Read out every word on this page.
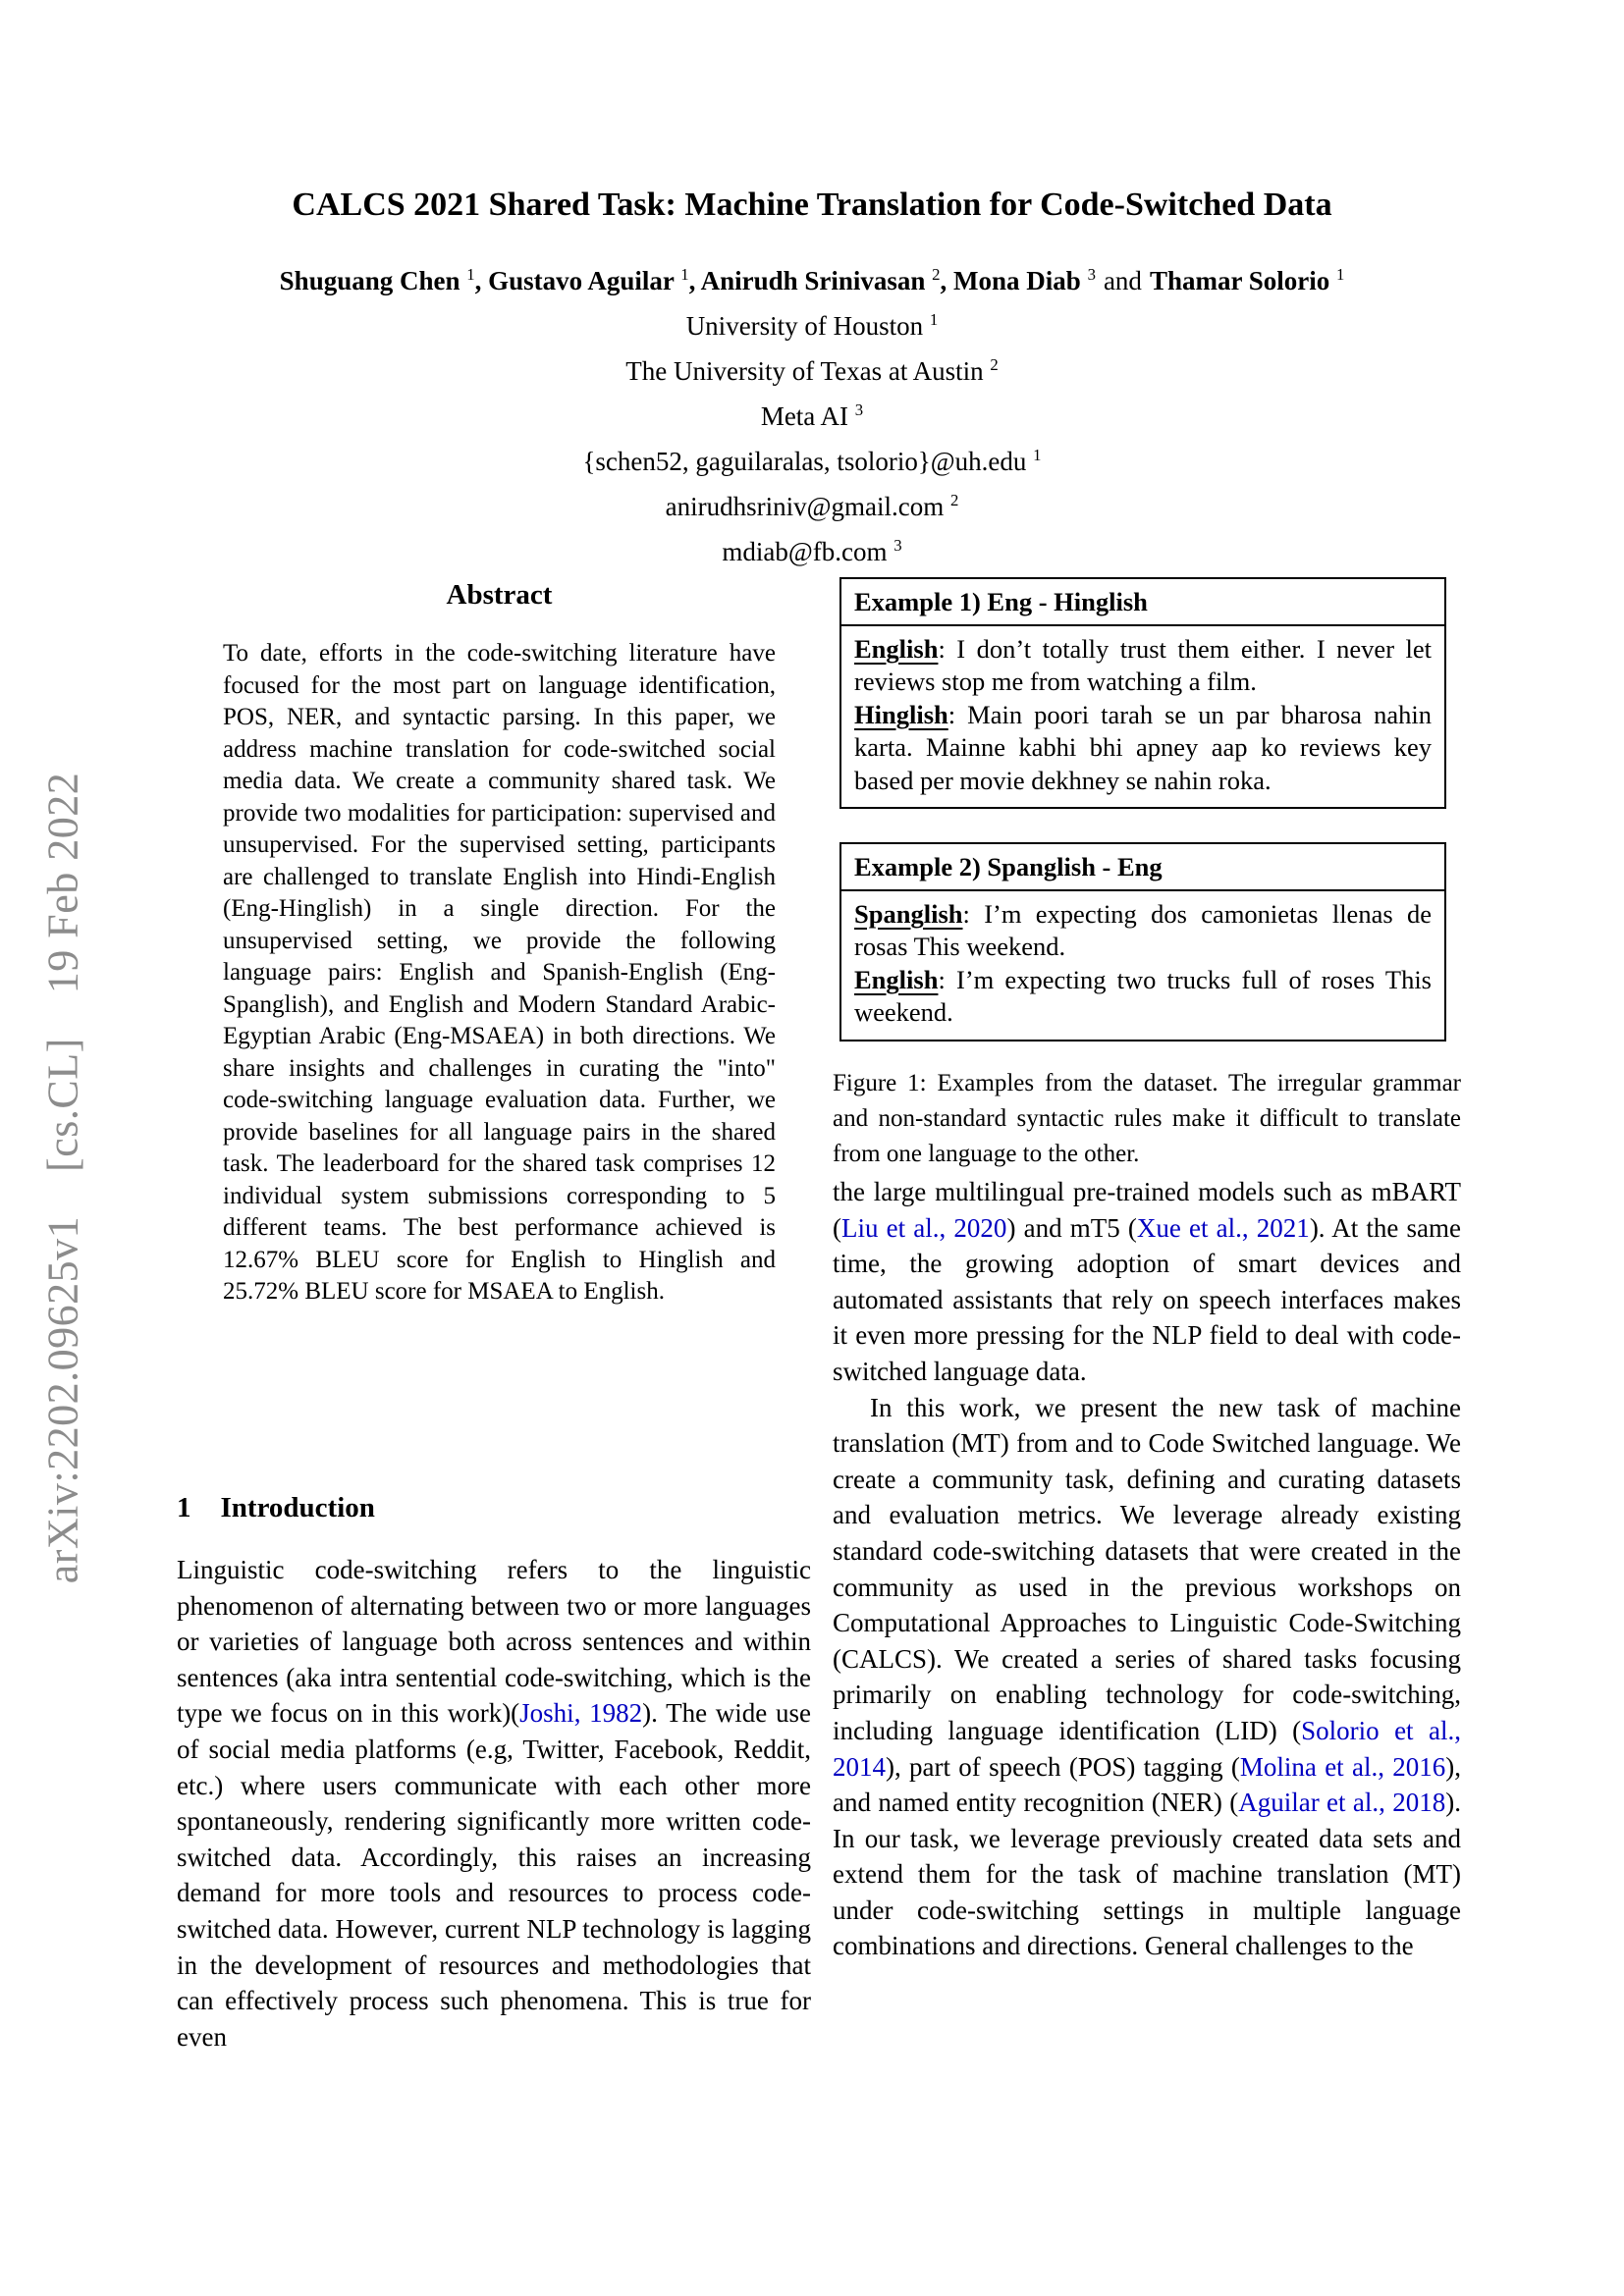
arXiv:2202.09625v1  [cs.CL]  19 Feb 2022
CALCS 2021 Shared Task: Machine Translation for Code-Switched Data
Shuguang Chen $^1$, Gustavo Aguilar $^1$, Anirudh Srinivasan $^2$, Mona Diab $^3$ and Thamar Solorio $^1$
University of Houston $^1$
The University of Texas at Austin $^2$
Meta AI $^3$
{schen52, gaguilaralas, tsolorio}@uh.edu $^1$
anirudhsriniv@gmail.com $^2$
mdiab@fb.com $^3$
Abstract
To date, efforts in the code-switching literature have focused for the most part on language identification, POS, NER, and syntactic parsing. In this paper, we address machine translation for code-switched social media data. We create a community shared task. We provide two modalities for participation: supervised and unsupervised. For the supervised setting, participants are challenged to translate English into Hindi-English (Eng-Hinglish) in a single direction. For the unsupervised setting, we provide the following language pairs: English and Spanish-English (Eng-Spanglish), and English and Modern Standard Arabic-Egyptian Arabic (Eng-MSAEA) in both directions. We share insights and challenges in curating the "into" code-switching language evaluation data. Further, we provide baselines for all language pairs in the shared task. The leaderboard for the shared task comprises 12 individual system submissions corresponding to 5 different teams. The best performance achieved is 12.67% BLEU score for English to Hinglish and 25.72% BLEU score for MSAEA to English.
1 Introduction
Linguistic code-switching refers to the linguistic phenomenon of alternating between two or more languages or varieties of language both across sentences and within sentences (aka intra sentential code-switching, which is the type we focus on in this work)(Joshi, 1982). The wide use of social media platforms (e.g, Twitter, Facebook, Reddit, etc.) where users communicate with each other more spontaneously, rendering significantly more written code-switched data. Accordingly, this raises an increasing demand for more tools and resources to process code-switched data. However, current NLP technology is lagging in the development of resources and methodologies that can effectively process such phenomena. This is true for even
Example 1) Eng - Hinglish
English: I don’t totally trust them either. I never let reviews stop me from watching a film.
Hinglish: Main poori tarah se un par bharosa nahin karta. Mainne kabhi bhi apney aap ko reviews key based per movie dekhney se nahin roka.
Example 2) Spanglish - Eng
Spanglish: I’m expecting dos camonietas llenas de rosas This weekend.
English: I’m expecting two trucks full of roses This weekend.
Figure 1: Examples from the dataset. The irregular grammar and non-standard syntactic rules make it difficult to translate from one language to the other.

the large multilingual pre-trained models such as mBART (Liu et al., 2020) and mT5 (Xue et al., 2021). At the same time, the growing adoption of smart devices and automated assistants that rely on speech interfaces makes it even more pressing for the NLP field to deal with code-switched language data.

In this work, we present the new task of machine translation (MT) from and to Code Switched language. We create a community task, defining and curating datasets and evaluation metrics. We leverage already existing standard code-switching datasets that were created in the community as used in the previous workshops on Computational Approaches to Linguistic Code-Switching (CALCS). We created a series of shared tasks focusing primarily on enabling technology for code-switching, including language identification (LID) (Solorio et al., 2014), part of speech (POS) tagging (Molina et al., 2016), and named entity recognition (NER) (Aguilar et al., 2018). In our task, we leverage previously created data sets and extend them for the task of machine translation (MT) under code-switching settings in multiple language combinations and directions. General challenges to the
